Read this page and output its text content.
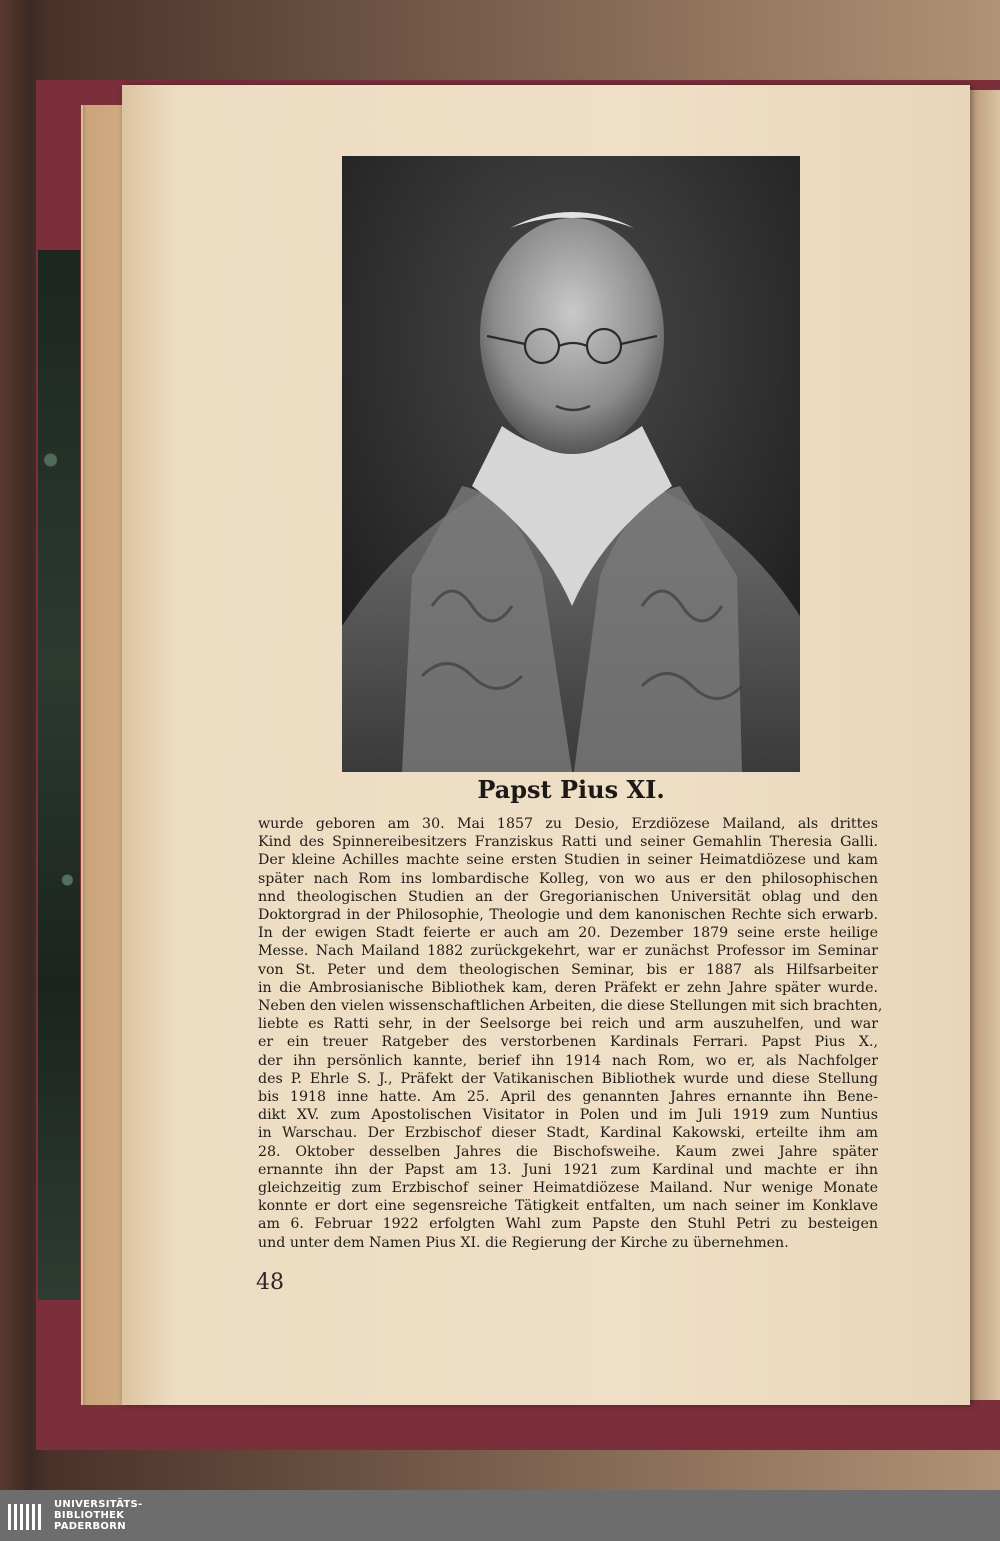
Papst Pius XI.
wurde geboren am 30. Mai 1857 zu Desio, Erzdiözese Mailand, als drittes
Kind des Spinnereibesitzers Franziskus Ratti und seiner Gemahlin Theresia Galli.
Der kleine Achilles machte seine ersten Studien in seiner Heimatdiözese und kam
später nach Rom ins lombardische Kolleg, von wo aus er den philosophischen
nnd theologischen Studien an der Gregorianischen Universität oblag und den
Doktorgrad in der Philosophie, Theologie und dem kanonischen Rechte sich erwarb.
In der ewigen Stadt feierte er auch am 20. Dezember 1879 seine erste heilige
Messe. Nach Mailand 1882 zurückgekehrt, war er zunächst Professor im Seminar
von St. Peter und dem theologischen Seminar, bis er 1887 als Hilfsarbeiter
in die Ambrosianische Bibliothek kam, deren Präfekt er zehn Jahre später wurde.
Neben den vielen wissenschaftlichen Arbeiten, die diese Stellungen mit sich brachten,
liebte es Ratti sehr, in der Seelsorge bei reich und arm auszuhelfen, und war
er ein treuer Ratgeber des verstorbenen Kardinals Ferrari. Papst Pius X.,
der ihn persönlich kannte, berief ihn 1914 nach Rom, wo er, als Nachfolger
des P. Ehrle S. J., Präfekt der Vatikanischen Bibliothek wurde und diese Stellung
bis 1918 inne hatte. Am 25. April des genannten Jahres ernannte ihn Bene-
dikt XV. zum Apostolischen Visitator in Polen und im Juli 1919 zum Nuntius
in Warschau. Der Erzbischof dieser Stadt, Kardinal Kakowski, erteilte ihm am
28. Oktober desselben Jahres die Bischofsweihe. Kaum zwei Jahre später
ernannte ihn der Papst am 13. Juni 1921 zum Kardinal und machte er ihn
gleichzeitig zum Erzbischof seiner Heimatdiözese Mailand. Nur wenige Monate
konnte er dort eine segensreiche Tätigkeit entfalten, um nach seiner im Konklave
am 6. Februar 1922 erfolgten Wahl zum Papste den Stuhl Petri zu besteigen
und unter dem Namen Pius XI. die Regierung der Kirche zu übernehmen.
48
UNIVERSITÄTS-
BIBLIOTHEK
PADERBORN
